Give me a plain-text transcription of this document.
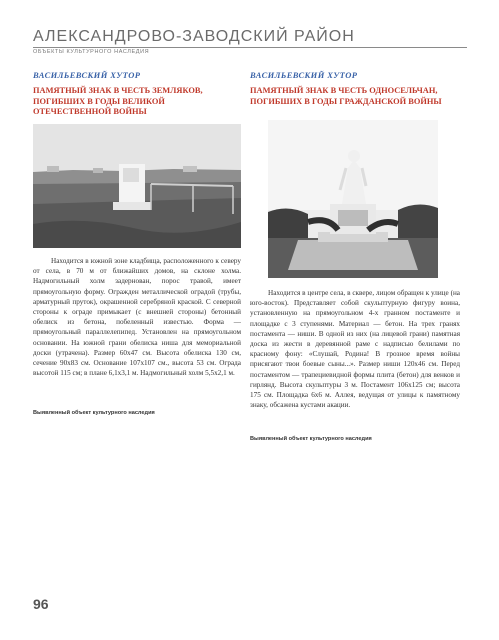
АЛЕКСАНДРОВО-ЗАВОДСКИЙ РАЙОН
ОБЪЕКТЫ КУЛЬТУРНОГО НАСЛЕДИЯ
ВАСИЛЬЕВСКИЙ ХУТОР
ПАМЯТНЫЙ ЗНАК В ЧЕСТЬ ЗЕМЛЯКОВ, ПОГИБШИХ В ГОДЫ ВЕЛИКОЙ ОТЕЧЕСТВЕННОЙ ВОЙНЫ

Находится в южной зоне кладбища, расположенного к северу от села, в 70 м от ближайших домов, на склоне холма. Надмогильный холм задернован, порос травой, имеет прямоугольную форму. Огражден металлической оградой (трубы, арматурный пруток), окрашенной серебряной краской. С северной стороны к ограде примыкает (с внешней стороны) бетонный обелиск из бетона, побеленный известью. Форма — прямоугольный параллелепипед. Установлен на прямоугольном основании. На южной грани обелиска ниша для мемориальной доски (утрачена). Размер 60х47 см. Высота обелиска 130 см, сечение 90х83 см. Основание 107х107 см., высота 53 см. Ограда высотой 115 см; в плане 6,1х3,1 м. Надмогильный холм 5,5х2,1 м.

Выявленный объект культурного наследия
ВАСИЛЬЕВСКИЙ ХУТОР
ПАМЯТНЫЙ ЗНАК В ЧЕСТЬ ОДНОСЕЛЬЧАН, ПОГИБШИХ В ГОДЫ ГРАЖДАНСКОЙ ВОЙНЫ

Находится в центре села, в сквере, лицом обращен к улице (на юго-восток). Представляет собой скульптурную фигуру воина, установленную на прямоугольном 4-х гранном постаменте и площадке с 3 ступенями. Материал — бетон. На трех гранях постамента — ниши. В одной из них (на лицевой грани) памятная доска из жести в деревянной раме с надписью белилами по красному фону: «Слушай, Родина! В грозное время войны присягают твои боевые сыны...». Размер ниши 120х46 см. Перед постаментом — трапециевидной формы плита (бетон) для венков и гирлянд. Высота скульптуры 3 м. Постамент 106х125 см; высота 175 см. Площадка 6х6 м. Аллея, ведущая от улицы к памятному знаку, обсажена кустами акации.

Выявленный объект культурного наследия
96
